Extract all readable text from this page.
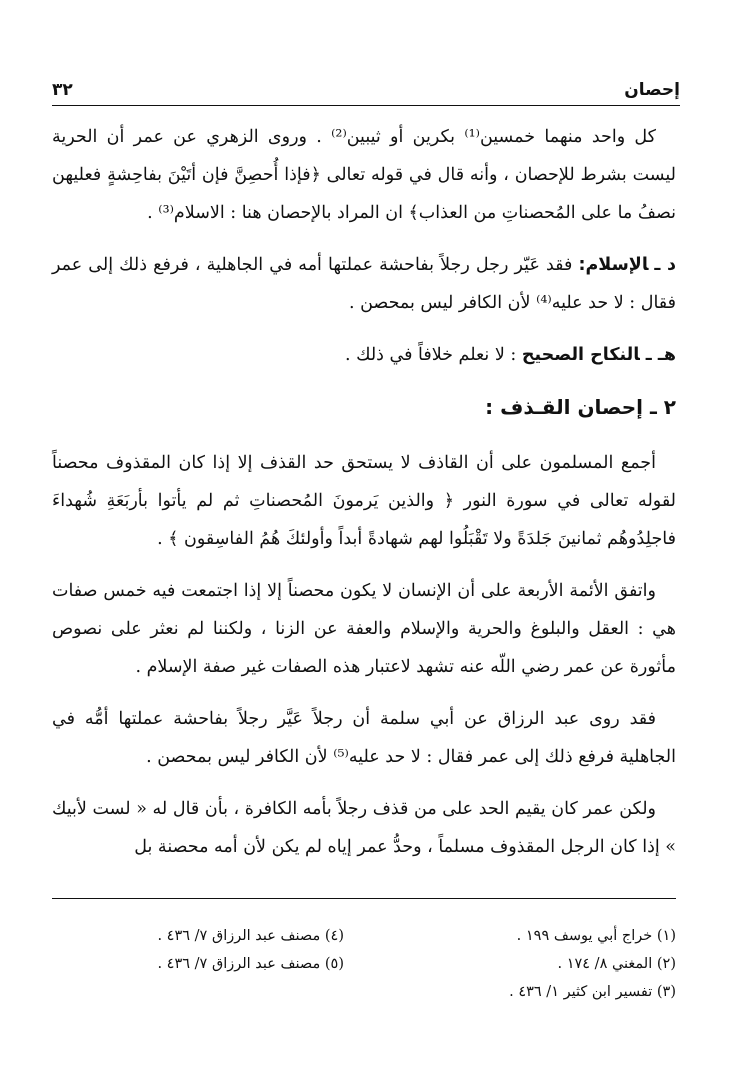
إحصان
٣٢

كل واحد منهما خمسين⁽¹⁾ بكرين أو ثيبين⁽²⁾ . وروى الزهري عن عمر أن الحرية ليست بشرط للإحصان ، وأنه قال في قوله تعالى ﴿فإذا أُحصِنَّ فإن أتَيْنَ بفاحِشةٍ فعليهن نصفُ ما على المُحصناتِ من العذاب﴾ ان المراد بالإحصان هنا : الاسلام⁽³⁾ .

د ـالإسلام: فقد عَيّر رجل رجلاً بفاحشة عملتها أمه في الجاهلية ، فرفع ذلك إلى عمر فقال : لا حد عليه⁽⁴⁾ لأن الكافر ليس بمحصن .
هـ ـالنكاح الصحيح : لا نعلم خلافاً في ذلك .
٢ ـ إحصان القـذف :

أجمع المسلمون على أن القاذف لا يستحق حد القذف إلا إذا كان المقذوف محصناً لقوله تعالى في سورة النور ﴿ والذين يَرمونَ المُحصناتِ ثم لم يأتوا بأربَعَةِ شُهداءَ فاجلِدُوهُم ثمانينَ جَلدَةً ولا تَقْبَلُوا لهم شهادةً أبداً وأولئكَ هُمُ الفاسِقون ﴾ .

واتفق الأئمة الأربعة على أن الإنسان لا يكون محصناً إلا إذا اجتمعت فيه خمس صفات هي : العقل والبلوغ والحرية والإسلام والعفة عن الزنا ، ولكننا لم نعثر على نصوص مأثورة عن عمر رضي اللّه عنه تشهد لاعتبار هذه الصفات غير صفة الإسلام .

فقد روى عبد الرزاق عن أبي سلمة أن رجلاً عَيَّر رجلاً بفاحشة عملتها أمُّه في الجاهلية فرفع ذلك إلى عمر فقال : لا حد عليه⁽⁵⁾ لأن الكافر ليس بمحصن .

ولكن عمر كان يقيم الحد على من قذف رجلاً بأمه الكافرة ، بأن قال له « لست لأبيك » إذا كان الرجل المقذوف مسلماً ، وحدُّ عمر إياه لم يكن لأن أمه محصنة بل

(١) خراج أبي يوسف ١٩٩ .
(٢) المغني ٨/ ١٧٤ .
(٣) تفسير ابن كثير ١/ ٤٣٦ .
(٤) مصنف عبد الرزاق ٧/ ٤٣٦ .
(٥) مصنف عبد الرزاق ٧/ ٤٣٦ .
